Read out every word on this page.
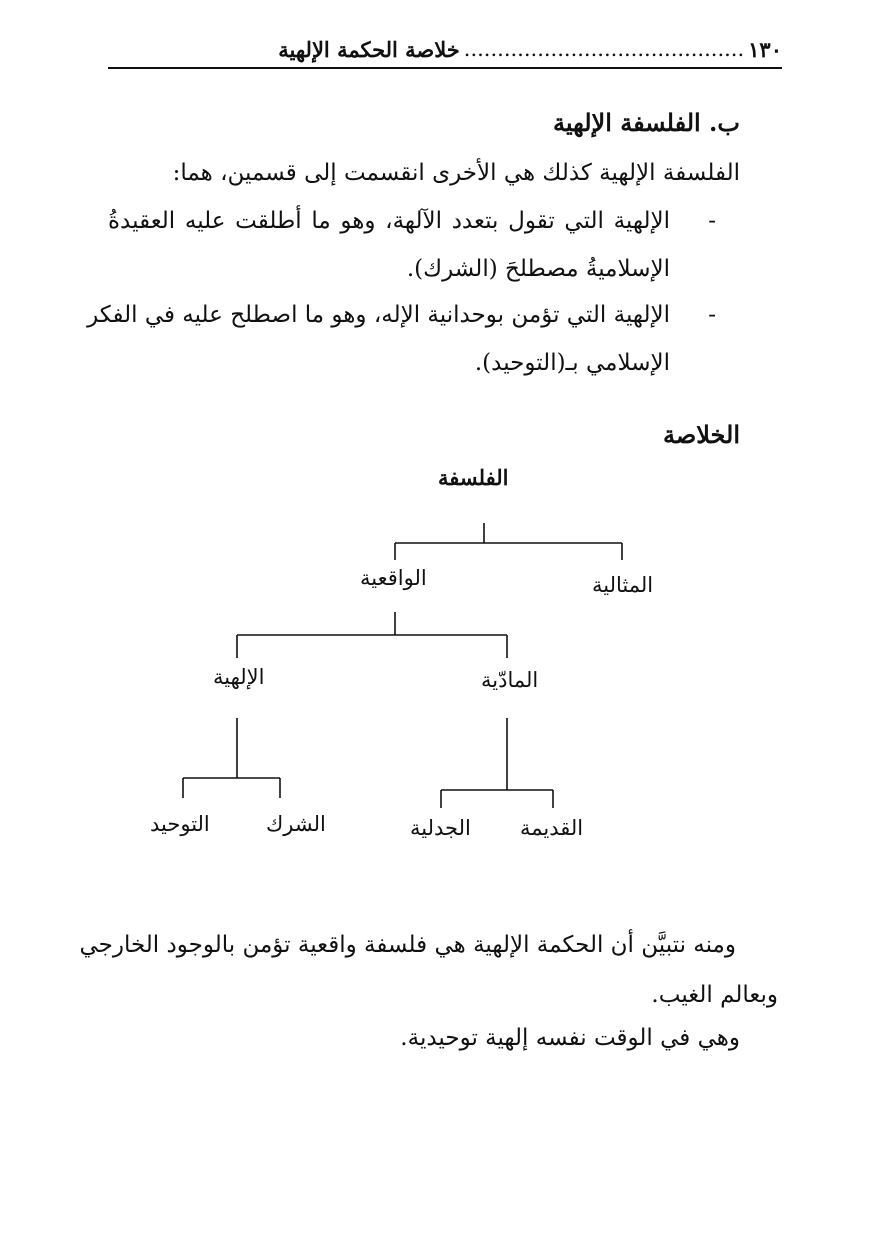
١٣٠
..........................................
خلاصة الحكمة الإلهية
ب. الفلسفة الإلهية
الفلسفة الإلهية كذلك هي الأخرى انقسمت إلى قسمين، هما:
-
الإلهية التي تقول بتعدد الآلهة، وهو ما أطلقت عليه العقيدةُ
الإسلاميةُ مصطلحَ (الشرك).
-
الإلهية التي تؤمن بوحدانية الإله، وهو ما اصطلح عليه في الفكر
الإسلامي بـ(التوحيد).
الخلاصة
الفلسفة
المثالية
الواقعية
المادّية
الإلهية
القديمة
الجدلية
الشرك
التوحيد
ومنه نتبيَّن أن الحكمة الإلهية هي فلسفة واقعية تؤمن بالوجود الخارجي
وبعالم الغيب.
وهي في الوقت نفسه إلهية توحيدية.
